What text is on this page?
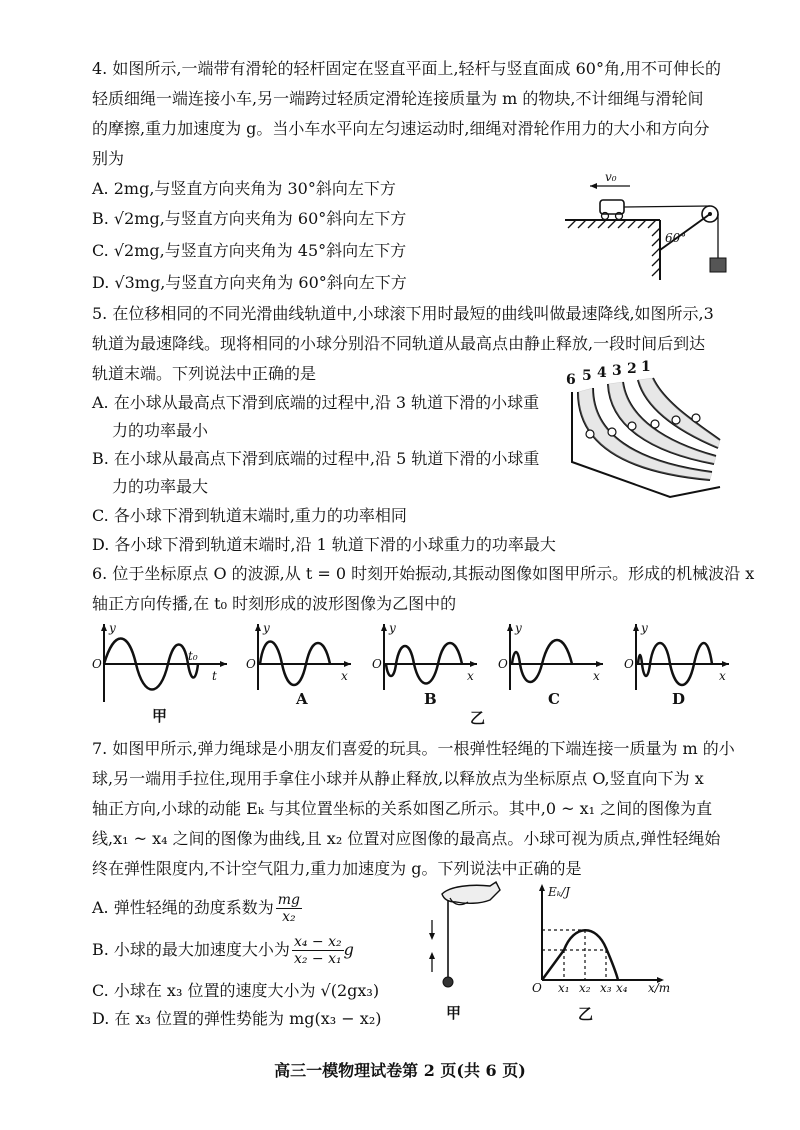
4. 如图所示,一端带有滑轮的轻杆固定在竖直平面上,轻杆与竖直面成 60°角,用不可伸长的
轻质细绳一端连接小车,另一端跨过轻质定滑轮连接质量为 m 的物块,不计细绳与滑轮间
的摩擦,重力加速度为 g。当小车水平向左匀速运动时,细绳对滑轮作用力的大小和方向分
别为
A. 2mg,与竖直方向夹角为 30°斜向左下方
B. √2mg,与竖直方向夹角为 60°斜向左下方
C. √2mg,与竖直方向夹角为 45°斜向左下方
D. √3mg,与竖直方向夹角为 60°斜向左下方
v₀
60°
5. 在位移相同的不同光滑曲线轨道中,小球滚下用时最短的曲线叫做最速降线,如图所示,3
轨道为最速降线。现将相同的小球分别沿不同轨道从最高点由静止释放,一段时间后到达
轨道末端。下列说法中正确的是
A. 在小球从最高点下滑到底端的过程中,沿 3 轨道下滑的小球重
力的功率最小
B. 在小球从最高点下滑到底端的过程中,沿 5 轨道下滑的小球重
力的功率最大
C. 各小球下滑到轨道末端时,重力的功率相同
D. 各小球下滑到轨道末端时,沿 1 轨道下滑的小球重力的功率最大
6 5 4 3 2 1
6. 位于坐标原点 O 的波源,从 t = 0 时刻开始振动,其振动图像如图甲所示。形成的机械波沿 x
轴正方向传播,在 t₀ 时刻形成的波形图像为乙图中的
y
O
t
t₀
甲
y
O
x
A
y
O
x
B
y
O
x
C
y
O
x
D
乙
7. 如图甲所示,弹力绳球是小朋友们喜爱的玩具。一根弹性轻绳的下端连接一质量为 m 的小
球,另一端用手拉住,现用手拿住小球并从静止释放,以释放点为坐标原点 O,竖直向下为 x
轴正方向,小球的动能 Eₖ 与其位置坐标的关系如图乙所示。其中,0 ~ x₁ 之间的图像为直
线,x₁ ~ x₄ 之间的图像为曲线,且 x₂ 位置对应图像的最高点。小球可视为质点,弹性轻绳始
终在弹性限度内,不计空气阻力,重力加速度为 g。下列说法中正确的是
A. 弹性轻绳的劲度系数为 $\frac{mg}{\text{x₂}}$
B. 小球的最大加速度大小为 $\frac{\text{x₄ − x₂}}{\text{x₂ − x₁}}$ g
C. 小球在 x₃ 位置的速度大小为 √(2gx₃)
D. 在 x₃ 位置的弹性势能为 mg(x₃ − x₂)	甲
Eₖ/J
x/m
O x₁ x₂ x₃ x₄
乙
高三一模物理试卷第 2 页(共 6 页)
